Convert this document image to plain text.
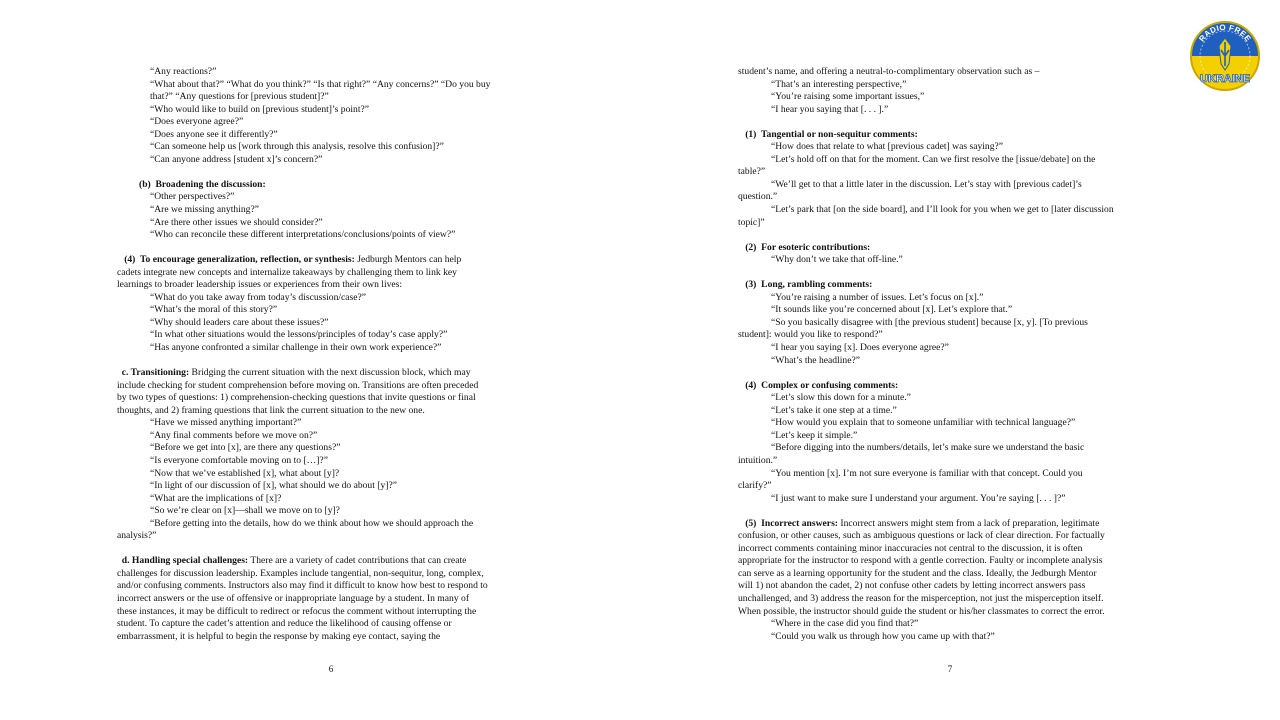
“Any reactions?”
“What about that?” “What do you think?” “Is that right?” “Any concerns?” “Do you buy
that?” “Any questions for [previous student]?”
“Who would like to build on [previous student]’s point?”
“Does everyone agree?”
“Does anyone see it differently?”
“Can someone help us [work through this analysis, resolve this confusion]?”
“Can anyone address [student x]’s concern?”
(b)  Broadening the discussion:
“Other perspectives?”
“Are we missing anything?”
“Are there other issues we should consider?”
“Who can reconcile these different interpretations/conclusions/points of view?”
(4)  To encourage generalization, reflection, or synthesis: Jedburgh Mentors can help
cadets integrate new concepts and internalize takeaways by challenging them to link key
learnings to broader leadership issues or experiences from their own lives:
“What do you take away from today’s discussion/case?”
“What’s the moral of this story?”
“Why should leaders care about these issues?”
“In what other situations would the lessons/principles of today’s case apply?”
“Has anyone confronted a similar challenge in their own work experience?”
c. Transitioning: Bridging the current situation with the next discussion block, which may
include checking for student comprehension before moving on. Transitions are often preceded
by two types of questions: 1) comprehension-checking questions that invite questions or final
thoughts, and 2) framing questions that link the current situation to the new one.
“Have we missed anything important?”
“Any final comments before we move on?”
“Before we get into [x], are there any questions?”
“Is everyone comfortable moving on to […]?”
“Now that we’ve established [x], what about [y]?
“In light of our discussion of [x], what should we do about [y]?”
“What are the implications of [x]?
“So we’re clear on [x]—shall we move on to [y]?
“Before getting into the details, how do we think about how we should approach the
analysis?”
d. Handling special challenges: There are a variety of cadet contributions that can create
challenges for discussion leadership. Examples include tangential, non-sequitur, long, complex,
and/or confusing comments. Instructors also may find it difficult to know how best to respond to
incorrect answers or the use of offensive or inappropriate language by a student. In many of
these instances, it may be difficult to redirect or refocus the comment without interrupting the
student. To capture the cadet’s attention and reduce the likelihood of causing offense or
embarrassment, it is helpful to begin the response by making eye contact, saying the
6
student’s name, and offering a neutral-to-complimentary observation such as –
“That’s an interesting perspective,”
“You’re raising some important issues,”
“I hear you saying that [. . . ].”
(1)  Tangential or non-sequitur comments:
“How does that relate to what [previous cadet] was saying?”
“Let’s hold off on that for the moment. Can we first resolve the [issue/debate] on the
table?”
“We’ll get to that a little later in the discussion. Let’s stay with [previous cadet]’s
question.”
“Let’s park that [on the side board], and I’ll look for you when we get to [later discussion
topic]”
(2)  For esoteric contributions:
“Why don’t we take that off-line.”
(3)  Long, rambling comments:
“You’re raising a number of issues. Let’s focus on [x].”
“It sounds like you’re concerned about [x]. Let’s explore that.”
“So you basically disagree with [the previous student] because [x, y]. [To previous
student]: would you like to respond?”
“I hear you saying [x]. Does everyone agree?”
“What’s the headline?”
(4)  Complex or confusing comments:
“Let’s slow this down for a minute.”
“Let’s take it one step at a time.”
“How would you explain that to someone unfamiliar with technical language?”
“Let’s keep it simple.”
“Before digging into the numbers/details, let’s make sure we understand the basic
intuition.”
“You mention [x]. I’m not sure everyone is familiar with that concept. Could you
clarify?”
“I just want to make sure I understand your argument. You’re saying [. . . ]?”
(5)  Incorrect answers: Incorrect answers might stem from a lack of preparation, legitimate
confusion, or other causes, such as ambiguous questions or lack of clear direction. For factually
incorrect comments containing minor inaccuracies not central to the discussion, it is often
appropriate for the instructor to respond with a gentle correction. Faulty or incomplete analysis
can serve as a learning opportunity for the student and the class. Ideally, the Jedburgh Mentor
will 1) not abandon the cadet, 2) not confuse other cadets by letting incorrect answers pass
unchallenged, and 3) address the reason for the misperception, not just the misperception itself.
When possible, the instructor should guide the student or his/her classmates to correct the error.
“Where in the case did you find that?”
“Could you walk us through how you came up with that?”
7
RADIO FREE
UKRAINE
